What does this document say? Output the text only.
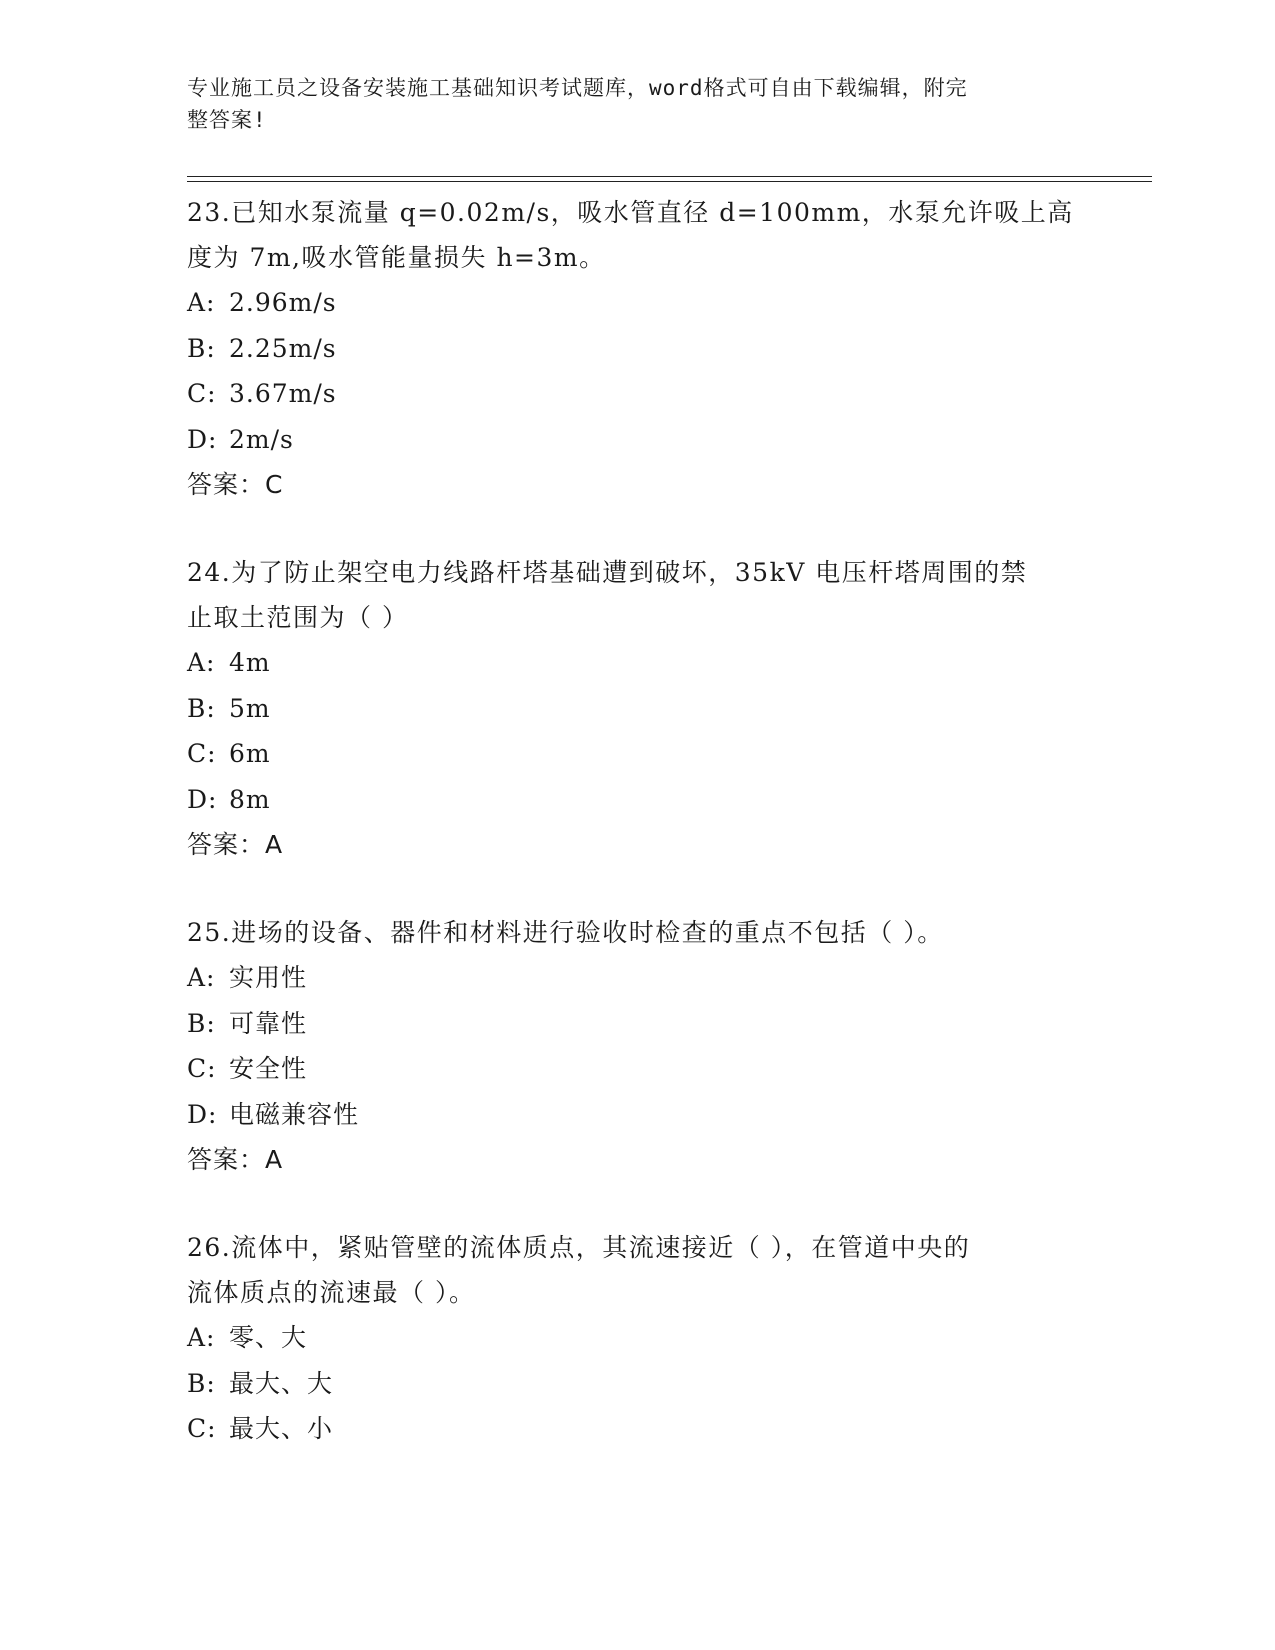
专业施工员之设备安装施工基础知识考试题库，word格式可自由下载编辑，附完
整答案!

23.已知水泵流量 q=0.02m/s，吸水管直径 d=100mm，水泵允许吸上高

度为 7m,吸水管能量损失 h=3m。

A: 2.96m/s

B: 2.25m/s

C: 3.67m/s

D: 2m/s

答案：C

24.为了防止架空电力线路杆塔基础遭到破坏，35kV 电压杆塔周围的禁

止取土范围为（ ）

A: 4m

B: 5m

C: 6m

D: 8m

答案：A

25.进场的设备、器件和材料进行验收时检查的重点不包括（ ）。

A: 实用性

B: 可靠性

C: 安全性

D: 电磁兼容性

答案：A

26.流体中，紧贴管壁的流体质点，其流速接近（ ），在管道中央的

流体质点的流速最（ ）。

A: 零、大

B: 最大、大

C: 最大、小
